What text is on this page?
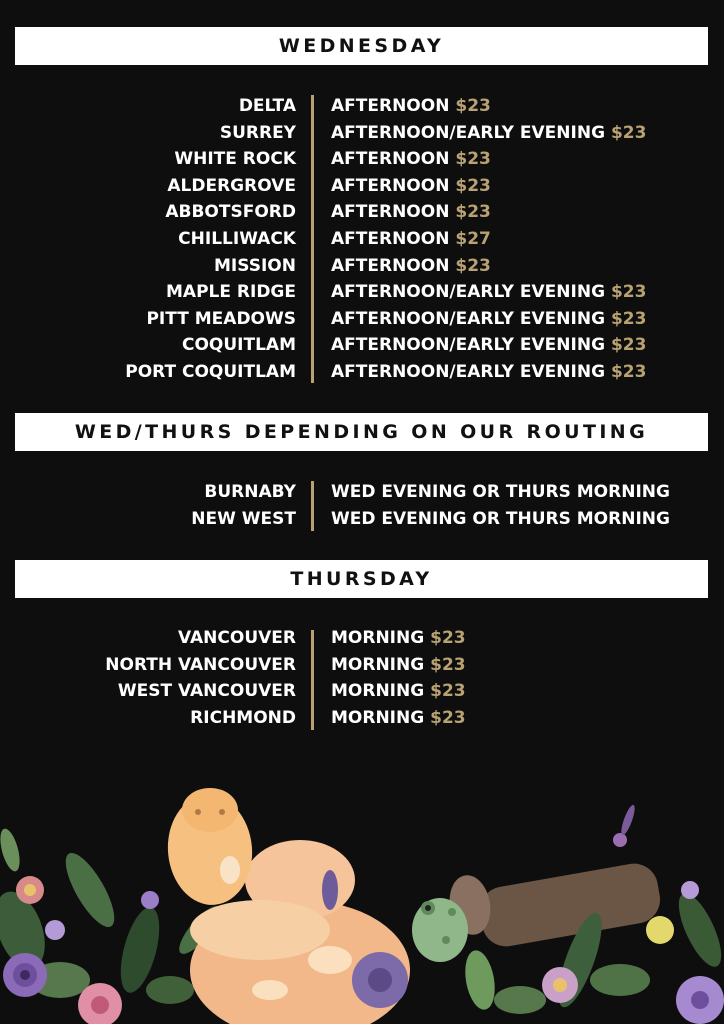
WEDNESDAY
DELTA AFTERNOON $23
SURREY AFTERNOON/EARLY EVENING $23
WHITE ROCK AFTERNOON $23
ALDERGROVE AFTERNOON $23
ABBOTSFORD AFTERNOON $23
CHILLIWACK AFTERNOON $27
MISSION AFTERNOON $23
MAPLE RIDGE AFTERNOON/EARLY EVENING $23
PITT MEADOWS AFTERNOON/EARLY EVENING $23
COQUITLAM AFTERNOON/EARLY EVENING $23
PORT COQUITLAM AFTERNOON/EARLY EVENING $23
WED/THURS DEPENDING ON OUR ROUTING
BURNABY WED EVENING OR THURS MORNING
NEW WEST WED EVENING OR THURS MORNING
THURSDAY
VANCOUVER MORNING $23
NORTH VANCOUVER MORNING $23
WEST VANCOUVER MORNING $23
RICHMOND MORNING $23
